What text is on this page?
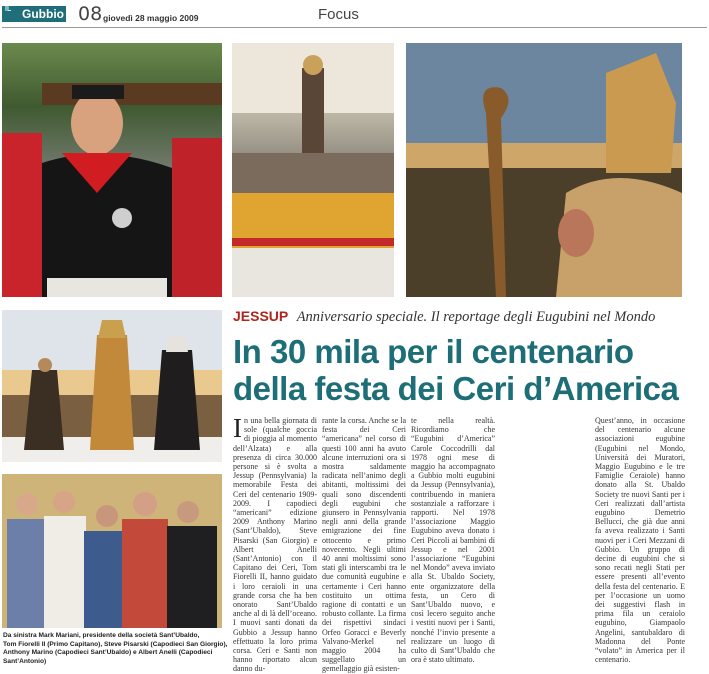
IL Gubbio 08 giovedì 28 maggio 2009	Focus
Da sinistra Mark Mariani, presidente della società Sant’Ubaldo,
Tom Fiorelli II (Primo Capitano), Steve Pisarski (Capodieci San Giorgio),
Anthony Marino (Capodieci Sant’Ubaldo) e Albert Anelli (Capodieci Sant’Antonio)
JESSUP Anniversario speciale. Il reportage degli Eugubini nel Mondo
In 30 mila per il centenario
della festa dei Ceri d’America
In una bella giornata di sole (qualche goccia di pioggia al momento dell’Alzata) e alla presenza di circa 30.000 persone si è svolta a Jessup (Pennsylvania) la memorabile Festa dei Ceri del centenario 1909-2009. I capodieci “americani” edizione 2009 Anthony Marino (Sant’Ubaldo), Steve Pisarski (San Giorgio) e Albert Anelli (Sant’Antonio) con il Capitano dei Ceri, Tom Fiorelli II, hanno guidato i loro ceraioli in una grande corsa che ha ben onorato Sant’Ubaldo anche al di là dell’oceano. I muovi santi donati da Gubbio a Jessup hanno effettuato la loro prima corsa. Ceri e Santi non hanno riportato alcun danno du-
rante la corsa. Anche se la festa dei Ceri “americana” nel corso di questi 100 anni ha avuto alcune interruzioni ora si mostra saldamente radicata nell’animo degli abitanti, moltissimi dei quali sono discendenti degli eugubini che giunsero in Pennsylvania negli anni della grande emigrazione dei fine ottocento e primo novecento. Negli ultimi 40 anni moltissimi sono stati gli interscambi tra le due comunità eugubine e certamente i Ceri hanno costituito un ottima ragione di contatti e un robusto collante. La firma dei rispettivi sindaci Orfeo Goracci e Beverly Valvano-Merkel nel maggio 2004 ha suggellato un gemellaggio già esisten-
te nella realtà. Ricordiamo che “Eugubini d’America” Carole Coccodrilli dal 1978 ogni mese di maggio ha accompagnato a Gubbio molti eugubini da Jessup (Pennsylvania), contribuendo in maniera sostanziale a rafforzare i rapporti. Nel 1978 l’associazione Maggio Eugubino aveva donato i Ceri Piccoli ai bambini di Jessup e nel 2001 l’associazione “Eugubini nel Mondo” aveva inviato alla St. Ubaldo Society, ente organizzatore della festa, un Cero di Sant’Ubaldo nuovo, e così lecero seguito anche i vestiti nuovi per i Santi, nonché l’invio presente a realizzare un luogo di culto di Sant’Ubaldo che ora è stato ultimato.
Quest’anno, in occasione del centenario alcune associazioni eugubine (Eugubini nel Mondo, Università dei Muratori, Maggio Eugubino e le tre Famiglie Ceraiole) hanno donato alla St. Ubaldo Society tre nuovi Santi per i Ceri realizzati dall’artista eugubino Demetrio Bellucci, che già due anni fa aveva realizzato i Santi nuovi per i Ceri Mezzani di Gubbio. Un gruppo di decine di eugubini che si sono recati negli Stati per essere presenti all’evento della festa del centenario. E per l’occasione un uomo dei suggestivi flash in prima fila un ceraiolo eugubino, Giampaolo Angelini, santubaldaro di Madonna del Ponte “volato” in America per il centenario.
